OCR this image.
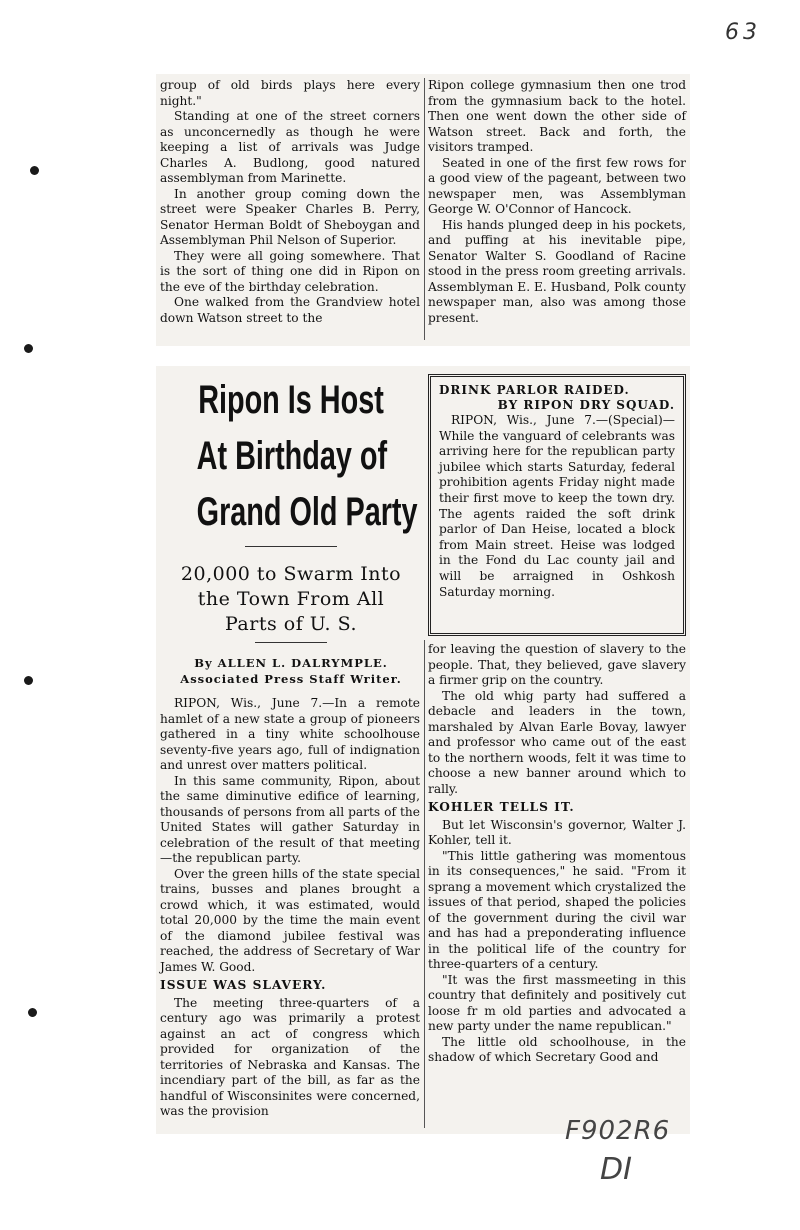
63

group of old birds plays here every night."

Standing at one of the street corners as unconcernedly as though he were keeping a list of arrivals was Judge Charles A. Budlong, good natured assemblyman from Marinette.

In another group coming down the street were Speaker Charles B. Perry, Senator Herman Boldt of Sheboygan and Assemblyman Phil Nelson of Superior.

They were all going somewhere. That is the sort of thing one did in Ripon on the eve of the birthday celebration.

One walked from the Grandview hotel down Watson street to the

Ripon college gymnasium then one trod from the gymnasium back to the hotel. Then one went down the other side of Watson street. Back and forth, the visitors tramped.

Seated in one of the first few rows for a good view of the pageant, between two newspaper men, was Assemblyman George W. O'Connor of Hancock.

His hands plunged deep in his pockets, and puffing at his inevitable pipe, Senator Walter S. Goodland of Racine stood in the press room greeting arrivals. Assemblyman E. E. Husband, Polk county newspaper man, also was among those present.

Ripon Is Host
At Birthday of
Grand Old Party
20,000 to Swarm Into
the Town From All
Parts of U. S.
By ALLEN L. DALRYMPLE.
Associated Press Staff Writer.

DRINK PARLOR RAIDED.

BY RIPON DRY SQUAD.

RIPON, Wis., June 7.—(Special)—While the vanguard of celebrants was arriving here for the republican party jubilee which starts Saturday, federal prohibition agents Friday night made their first move to keep the town dry. The agents raided the soft drink parlor of Dan Heise, located a block from Main street. Heise was lodged in the Fond du Lac county jail and will be arraigned in Oshkosh Saturday morning.

RIPON, Wis., June 7.—In a remote hamlet of a new state a group of pioneers gathered in a tiny white schoolhouse seventy-five years ago, full of indignation and unrest over matters political.

In this same community, Ripon, about the same diminutive edifice of learning, thousands of persons from all parts of the United States will gather Saturday in celebration of the result of that meeting—the republican party.

Over the green hills of the state special trains, busses and planes brought a crowd which, it was estimated, would total 20,000 by the time the main event of the diamond jubilee festival was reached, the address of Secretary of War James W. Good.

ISSUE WAS SLAVERY.

The meeting three-quarters of a century ago was primarily a protest against an act of congress which provided for organization of the territories of Nebraska and Kansas. The incendiary part of the bill, as far as the handful of Wisconsinites were concerned, was the provision

for leaving the question of slavery to the people. That, they believed, gave slavery a firmer grip on the country.

The old whig party had suffered a debacle and leaders in the town, marshaled by Alvan Earle Bovay, lawyer and professor who came out of the east to the northern woods, felt it was time to choose a new banner around which to rally.

KOHLER TELLS IT.

But let Wisconsin's governor, Walter J. Kohler, tell it.

"This little gathering was momentous in its consequences," he said. "From it sprang a movement which crystalized the issues of that period, shaped the policies of the government during the civil war and has had a preponderating influence in the political life of the country for three-quarters of a century.

"It was the first massmeeting in this country that definitely and positively cut loose fr m old parties and advocated a new party under the name republican."

The little old schoolhouse, in the shadow of which Secretary Good and

F902R6
DI
